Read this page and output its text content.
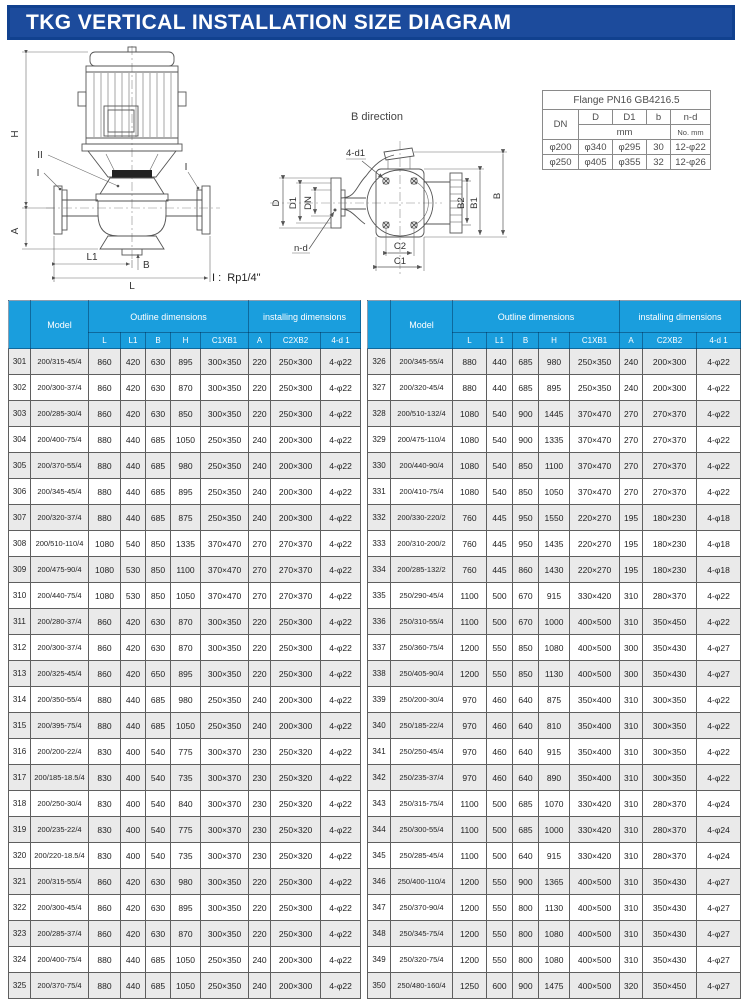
TKG VERTICAL INSTALLATION SIZE DIAGRAM
H
A
L1
B
L
II
I
I

I :  Rp1/4"

B direction
4-d1
n-d
D D1 DN	B2 B1
B
C2
C1
Flange PN16 GB4216.5				
DN	D	D1	b	n-d
	mm			No. mm
φ200	φ340	φ295	30	12-φ22
φ250	φ405	φ355	32	12-φ26
	Model	Outline dimensions					installing dimensions		
		L	L1	B	H	C1XB1	A	C2XB2	4-d 1
301	200/315-45/4	860	420	630	895	300×350	220	250×300	4-φ22
302	200/300-37/4	860	420	630	870	300×350	220	250×300	4-φ22
303	200/285-30/4	860	420	630	850	300×350	220	250×300	4-φ22
304	200/400-75/4	880	440	685	1050	250×350	240	200×300	4-φ22
305	200/370-55/4	880	440	685	980	250×350	240	200×300	4-φ22
306	200/345-45/4	880	440	685	895	250×350	240	200×300	4-φ22
307	200/320-37/4	880	440	685	875	250×350	240	200×300	4-φ22
308	200/510-110/4	1080	540	850	1335	370×470	270	270×370	4-φ22
309	200/475-90/4	1080	530	850	1100	370×470	270	270×370	4-φ22
310	200/440-75/4	1080	530	850	1050	370×470	270	270×370	4-φ22
311	200/280-37/4	860	420	630	870	300×350	220	250×300	4-φ22
312	200/300-37/4	860	420	630	870	300×350	220	250×300	4-φ22
313	200/325-45/4	860	420	650	895	300×350	220	250×300	4-φ22
314	200/350-55/4	880	440	685	980	250×350	240	200×300	4-φ22
315	200/395-75/4	880	440	685	1050	250×350	240	200×300	4-φ22
316	200/200-22/4	830	400	540	775	300×370	230	250×320	4-φ22
317	200/185-18.5/4	830	400	540	735	300×370	230	250×320	4-φ22
318	200/250-30/4	830	400	540	840	300×370	230	250×320	4-φ22
319	200/235-22/4	830	400	540	775	300×370	230	250×320	4-φ22
320	200/220-18.5/4	830	400	540	735	300×370	230	250×320	4-φ22
321	200/315-55/4	860	420	630	980	300×350	220	250×300	4-φ22
322	200/300-45/4	860	420	630	895	300×350	220	250×300	4-φ22
323	200/285-37/4	860	420	630	870	300×350	220	250×300	4-φ22
324	200/400-75/4	880	440	685	1050	250×350	240	200×300	4-φ22
325	200/370-75/4	880	440	685	1050	250×350	240	200×300	4-φ22
	Model	Outline dimensions					installing dimensions		
		L	L1	B	H	C1XB1	A	C2XB2	4-d 1
326	200/345-55/4	880	440	685	980	250×350	240	200×300	4-φ22
327	200/320-45/4	880	440	685	895	250×350	240	200×300	4-φ22
328	200/510-132/4	1080	540	900	1445	370×470	270	270×370	4-φ22
329	200/475-110/4	1080	540	900	1335	370×470	270	270×370	4-φ22
330	200/440-90/4	1080	540	850	1100	370×470	270	270×370	4-φ22
331	200/410-75/4	1080	540	850	1050	370×470	270	270×370	4-φ22
332	200/330-220/2	760	445	950	1550	220×270	195	180×230	4-φ18
333	200/310-200/2	760	445	950	1435	220×270	195	180×230	4-φ18
334	200/285-132/2	760	445	860	1430	220×270	195	180×230	4-φ18
335	250/290-45/4	1100	500	670	915	330×420	310	280×370	4-φ22
336	250/310-55/4	1100	500	670	1000	400×500	310	350×450	4-φ22
337	250/360-75/4	1200	550	850	1080	400×500	300	350×430	4-φ27
338	250/405-90/4	1200	550	850	1130	400×500	300	350×430	4-φ27
339	250/200-30/4	970	460	640	875	350×400	310	300×350	4-φ22
340	250/185-22/4	970	460	640	810	350×400	310	300×350	4-φ22
341	250/250-45/4	970	460	640	915	350×400	310	300×350	4-φ22
342	250/235-37/4	970	460	640	890	350×400	310	300×350	4-φ22
343	250/315-75/4	1100	500	685	1070	330×420	310	280×370	4-φ24
344	250/300-55/4	1100	500	685	1000	330×420	310	280×370	4-φ24
345	250/285-45/4	1100	500	640	915	330×420	310	280×370	4-φ24
346	250/400-110/4	1200	550	900	1365	400×500	310	350×430	4-φ27
347	250/370-90/4	1200	550	800	1130	400×500	310	350×430	4-φ27
348	250/345-75/4	1200	550	800	1080	400×500	310	350×430	4-φ27
349	250/320-75/4	1200	550	800	1080	400×500	310	350×430	4-φ27
350	250/480-160/4	1250	600	900	1475	400×500	320	350×450	4-φ27
